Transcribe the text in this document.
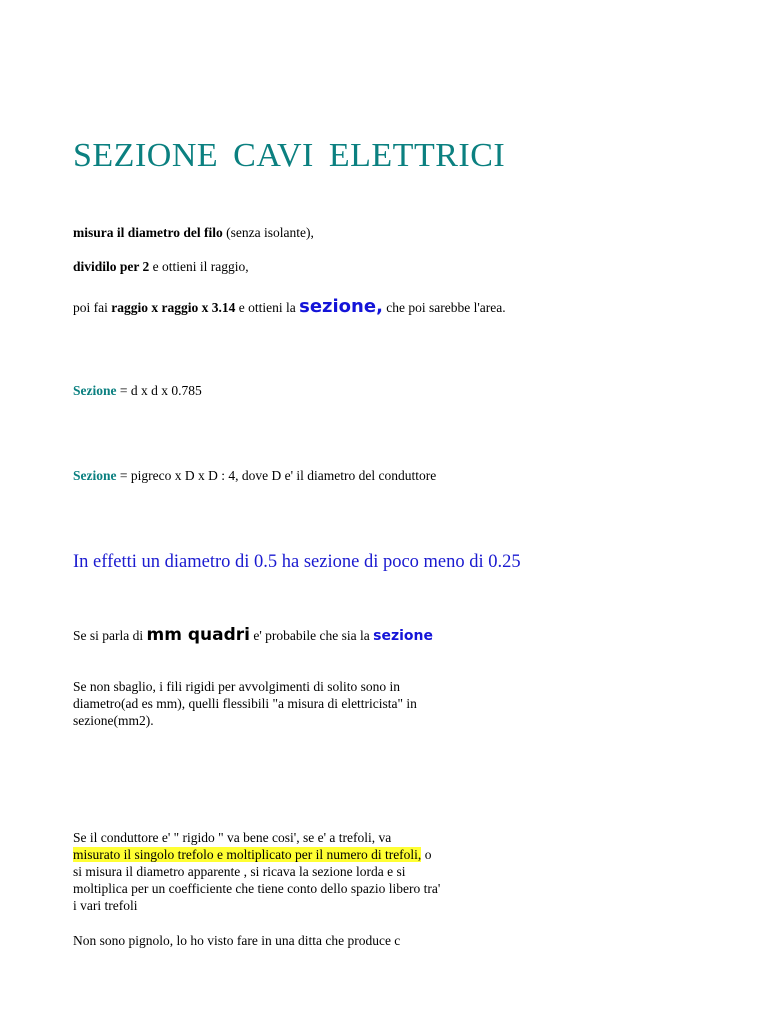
SEZIONE CAVI ELETTRICI
misura il diametro del filo (senza isolante),
dividilo per 2 e ottieni il raggio,
poi fai raggio x raggio x 3.14 e ottieni la sezione, che poi sarebbe l'area.
Sezione = d x d x 0.785
Sezione = pigreco x D x D : 4, dove D e' il diametro del conduttore
In effetti un diametro di 0.5 ha sezione di poco meno di 0.25
Se si parla di mm quadri e' probabile che sia la sezione
Se non sbaglio, i fili rigidi per avvolgimenti di solito sono in
diametro(ad es mm), quelli flessibili "a misura di elettricista" in
sezione(mm2).
Se il conduttore e' " rigido " va bene cosi', se e' a trefoli, va
misurato il singolo trefolo e moltiplicato per il numero di trefoli, o
si misura il diametro apparente , si ricava la sezione lorda e si
moltiplica per un coefficiente che tiene conto dello spazio libero tra'
i vari trefoli
Non sono pignolo, lo ho visto fare in una ditta che produce c
